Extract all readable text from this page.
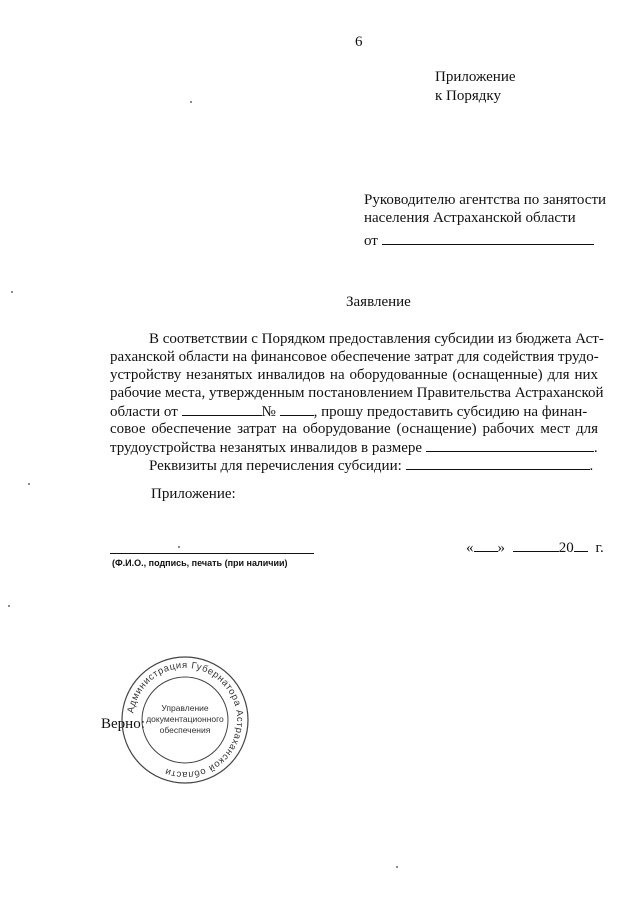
6
Приложение
к Порядку
Руководителю агентства по занятости
населения Астраханской области
от
Заявление
В соответствии с Порядком предоставления субсидии из бюджета Аст-
раханской области на финансовое обеспечение затрат для содействия трудо-
устройству незанятых инвалидов на оборудованные (оснащенные) для них
рабочие места, утвержденным постановлением Правительства Астраханской
области от	№	, прошу предоставить субсидию на финан-
совое обеспечение затрат на оборудование (оснащение) рабочих мест для
трудоустройства незанятых инвалидов в размере	.
Реквизиты для перечисления субсидии:	.
Приложение:
(Ф.И.О., подпись, печать (при наличии)
« »	20 г.
Верно:
Администрация Губернатора Астраханской области
Управление
документационного
обеспечения
